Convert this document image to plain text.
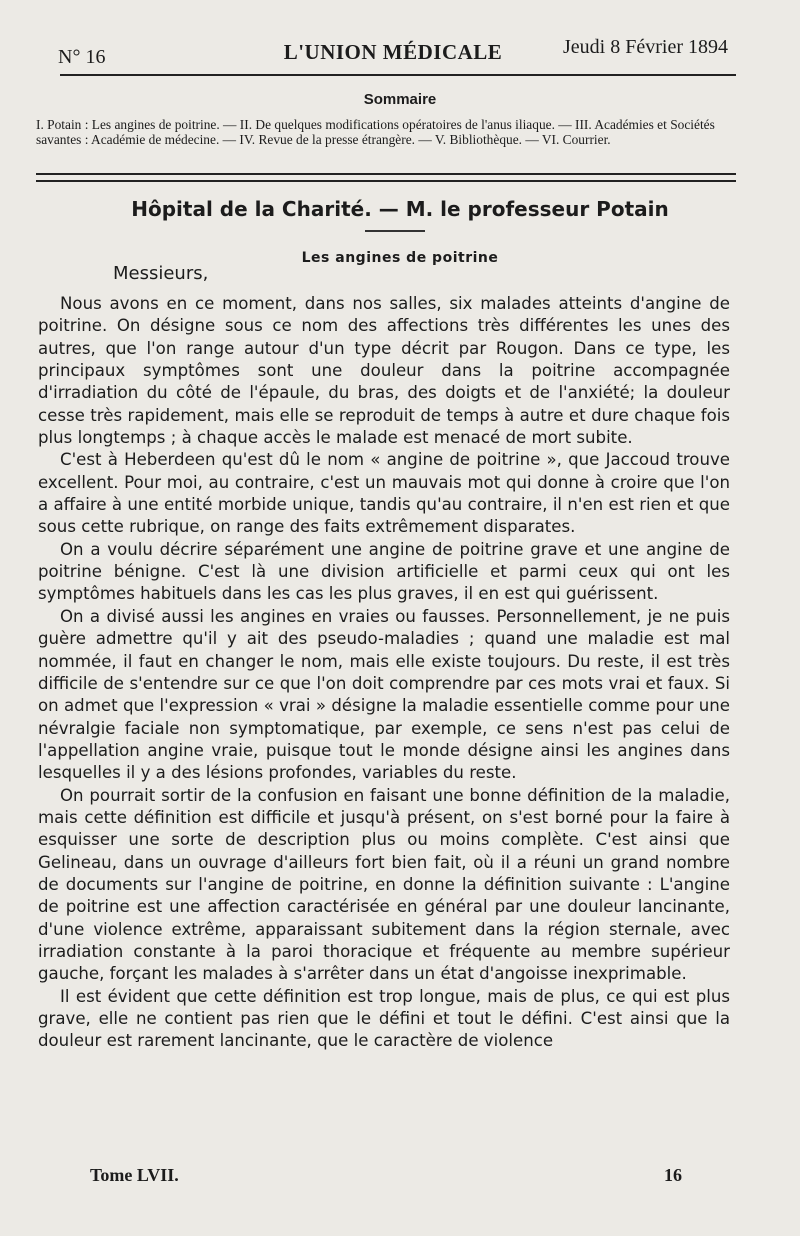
N° 16	L'UNION MÉDICALE	Jeudi 8 Février 1894
Sommaire
I. Potain : Les angines de poitrine. — II. De quelques modifications opératoires de l'anus iliaque. — III. Académies et Sociétés savantes : Académie de médecine. — IV. Revue de la presse étrangère. — V. Bibliothèque. — VI. Courrier.
Hôpital de la Charité. — M. le professeur Potain
Les angines de poitrine
Messieurs,

Nous avons en ce moment, dans nos salles, six malades atteints d'angine de poitrine. On désigne sous ce nom des affections très différentes les unes des autres, que l'on range autour d'un type décrit par Rougon. Dans ce type, les principaux symptômes sont une douleur dans la poitrine accompagnée d'irradiation du côté de l'épaule, du bras, des doigts et de l'anxiété; la douleur cesse très rapidement, mais elle se reproduit de temps à autre et dure chaque fois plus longtemps ; à chaque accès le malade est menacé de mort subite.

C'est à Heberdeen qu'est dû le nom « angine de poitrine », que Jaccoud trouve excellent. Pour moi, au contraire, c'est un mauvais mot qui donne à croire que l'on a affaire à une entité morbide unique, tandis qu'au contraire, il n'en est rien et que sous cette rubrique, on range des faits extrêmement disparates.

On a voulu décrire séparément une angine de poitrine grave et une angine de poitrine bénigne. C'est là une division artificielle et parmi ceux qui ont les symptômes habituels dans les cas les plus graves, il en est qui guérissent.

On a divisé aussi les angines en vraies ou fausses. Personnellement, je ne puis guère admettre qu'il y ait des pseudo-maladies ; quand une maladie est mal nommée, il faut en changer le nom, mais elle existe toujours. Du reste, il est très difficile de s'entendre sur ce que l'on doit comprendre par ces mots vrai et faux. Si on admet que l'expression « vrai » désigne la maladie essentielle comme pour une névralgie faciale non symptomatique, par exemple, ce sens n'est pas celui de l'appellation angine vraie, puisque tout le monde désigne ainsi les angines dans lesquelles il y a des lésions profondes, variables du reste.

On pourrait sortir de la confusion en faisant une bonne définition de la maladie, mais cette définition est difficile et jusqu'à présent, on s'est borné pour la faire à esquisser une sorte de description plus ou moins complète. C'est ainsi que Gelineau, dans un ouvrage d'ailleurs fort bien fait, où il a réuni un grand nombre de documents sur l'angine de poitrine, en donne la définition suivante : L'angine de poitrine est une affection caractérisée en général par une douleur lancinante, d'une violence extrême, apparaissant subitement dans la région sternale, avec irradiation constante à la paroi thoracique et fréquente au membre supérieur gauche, forçant les malades à s'arrêter dans un état d'angoisse inexprimable.

Il est évident que cette définition est trop longue, mais de plus, ce qui est plus grave, elle ne contient pas rien que le défini et tout le défini. C'est ainsi que la douleur est rarement lancinante, que le caractère de violence

Tome LVII.	16
